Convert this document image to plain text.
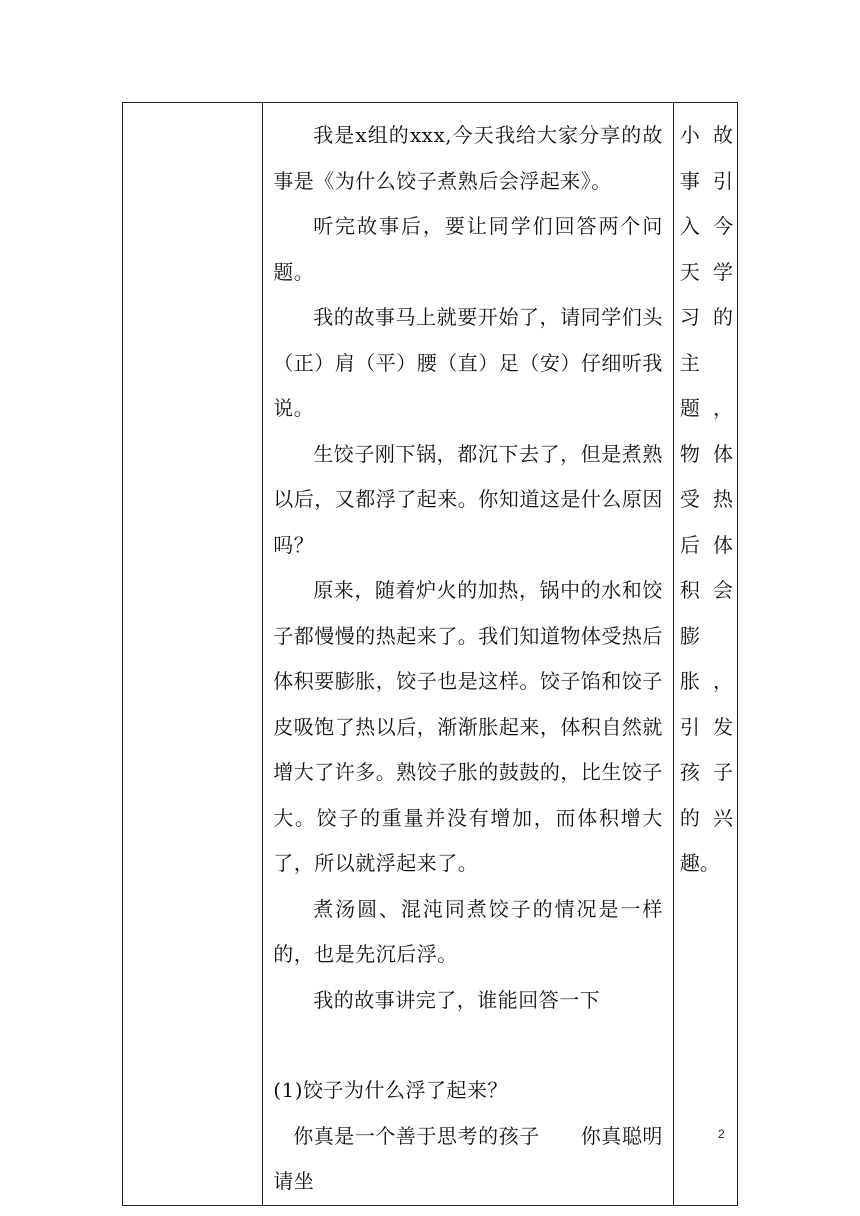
我是x组的xxx,今天我给大家分享的故事是《为什么饺子煮熟后会浮起来》。

听完故事后，要让同学们回答两个问题。

我的故事马上就要开始了，请同学们头（正）肩（平）腰（直）足（安）仔细听我说。

生饺子刚下锅，都沉下去了，但是煮熟以后，又都浮了起来。你知道这是什么原因吗？

原来，随着炉火的加热，锅中的水和饺子都慢慢的热起来了。我们知道物体受热后体积要膨胀，饺子也是这样。饺子馅和饺子皮吸饱了热以后，渐渐胀起来，体积自然就增大了许多。熟饺子胀的鼓鼓的，比生饺子大。饺子的重量并没有增加，而体积增大了，所以就浮起来了。

煮汤圆、混沌同煮饺子的情况是一样的，也是先沉后浮。

我的故事讲完了，谁能回答一下

(1)饺子为什么浮了起来？

你真是一个善于思考的孩子　　你真聪明请坐

小 故
事 引
入 今
天 学
习 的
主
题 ，
物 体
受 热
后 体
积 会
膨
胀 ，
引 发
孩 子
的 兴
趣。
2
